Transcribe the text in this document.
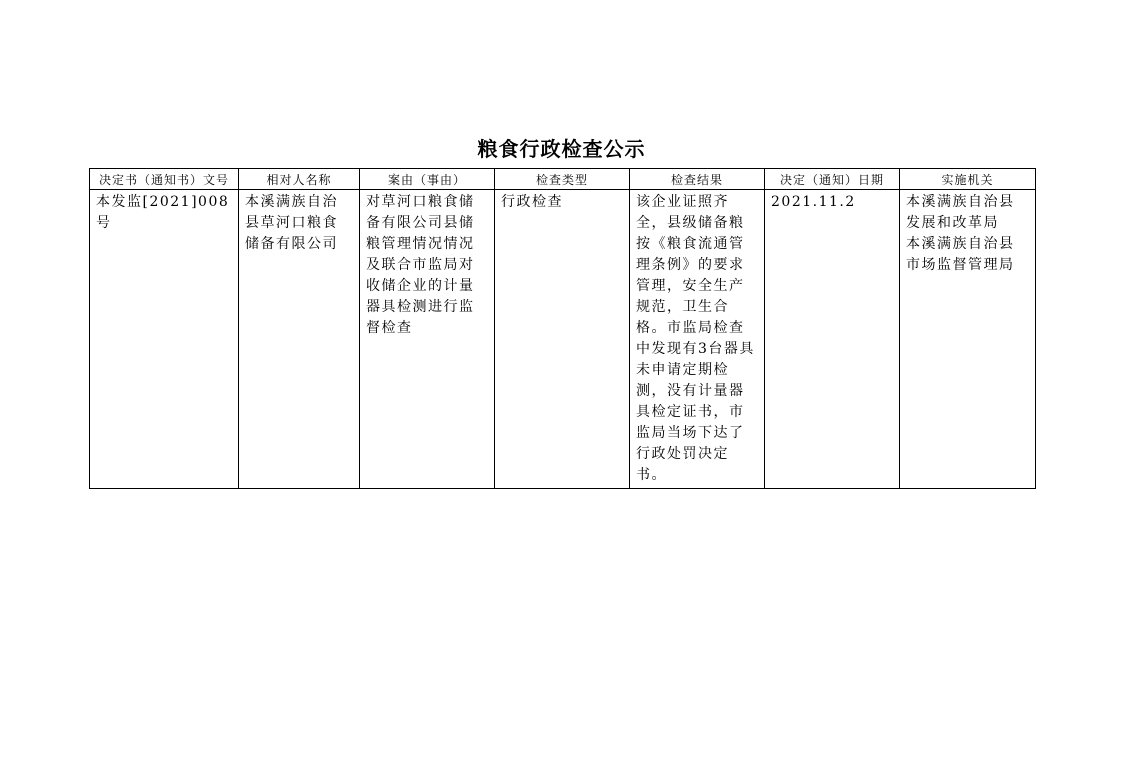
粮食行政检查公示
决定书（通知书）文号	相对人名称	案由（事由）	检查类型	检查结果	决定（通知）日期	实施机关
本发监[2021]008号	本溪满族自治县草河口粮食储备有限公司	对草河口粮食储备有限公司县储粮管理情况情况及联合市监局对收储企业的计量器具检测进行监督检查	行政检查	该企业证照齐全，县级储备粮按《粮食流通管理条例》的要求管理，安全生产规范，卫生合格。市监局检查中发现有3台器具未申请定期检测，没有计量器具检定证书，市监局当场下达了行政处罚决定书。	2021.11.2	本溪满族自治县发展和改革局
本溪满族自治县市场监督管理局
